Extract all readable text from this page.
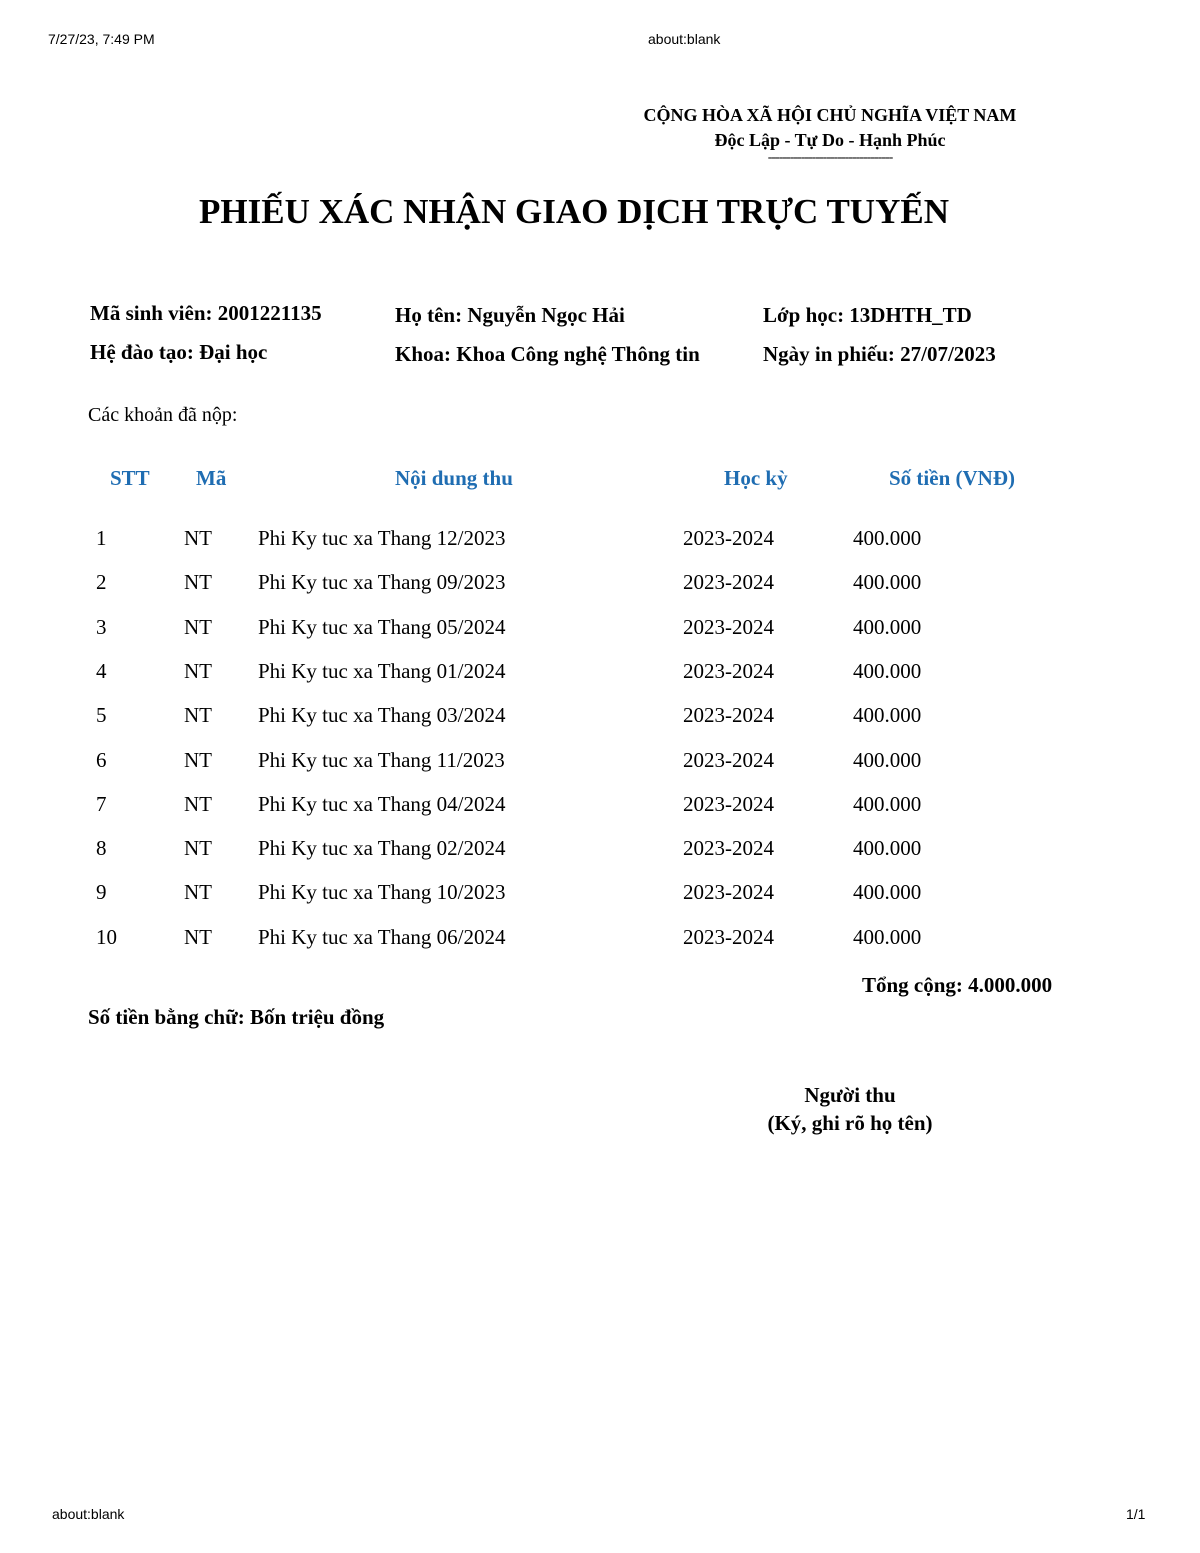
7/27/23, 7:49 PM	about:blank
about:blank	1/1
CỘNG HÒA XÃ HỘI CHỦ NGHĨA VIỆT NAM
Độc Lập - Tự Do - Hạnh Phúc
----------------------------------
PHIẾU XÁC NHẬN GIAO DỊCH TRỰC TUYẾN
Mã sinh viên: 2001221135	Họ tên: Nguyễn Ngọc Hải	Lớp học: 13DHTH_TD
Hệ đào tạo: Đại học	Khoa: Khoa Công nghệ Thông tin	Ngày in phiếu: 27/07/2023
Các khoản đã nộp:
STT Mã	Nội dung thu	Học kỳ	Số tiền (VNĐ)
1	NT Phi Ky tuc xa Thang 12/2023	2023-2024	400.000
2	NT Phi Ky tuc xa Thang 09/2023	2023-2024	400.000
3	NT Phi Ky tuc xa Thang 05/2024	2023-2024	400.000
4	NT Phi Ky tuc xa Thang 01/2024	2023-2024	400.000
5	NT Phi Ky tuc xa Thang 03/2024	2023-2024	400.000
6	NT Phi Ky tuc xa Thang 11/2023	2023-2024	400.000
7	NT Phi Ky tuc xa Thang 04/2024	2023-2024	400.000
8	NT Phi Ky tuc xa Thang 02/2024	2023-2024	400.000
9	NT Phi Ky tuc xa Thang 10/2023	2023-2024	400.000
10	NT Phi Ky tuc xa Thang 06/2024	2023-2024	400.000
Tổng cộng: 4.000.000
Số tiền bằng chữ: Bốn triệu đồng
Người thu
(Ký, ghi rõ họ tên)
